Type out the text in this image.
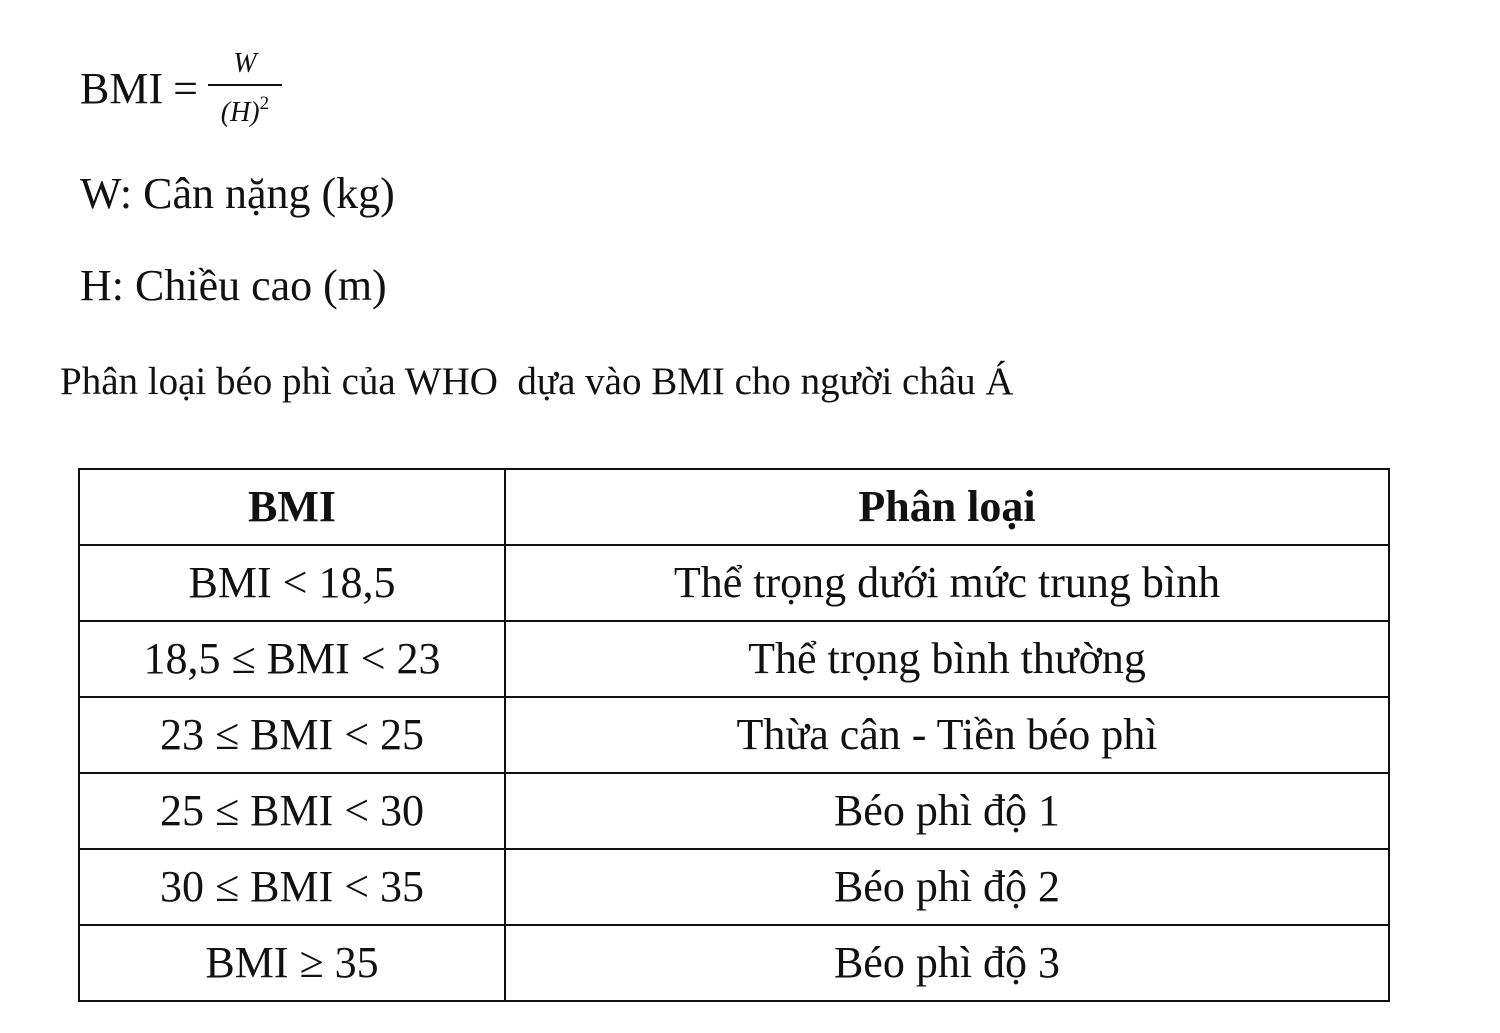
BMI = $\frac{W}{(H)^2}$
W: Cân nặng (kg)
H: Chiều cao (m)
Phân loại béo phì của WHO  dựa vào BMI cho người châu Á
BMI	Phân loại
BMI < 18,5	Thể trọng dưới mức trung bình
18,5 ≤ BMI < 23	Thể trọng bình thường
23 ≤ BMI < 25	Thừa cân - Tiền béo phì
25 ≤ BMI < 30	Béo phì độ 1
30 ≤ BMI < 35	Béo phì độ 2
BMI ≥ 35	Béo phì độ 3
